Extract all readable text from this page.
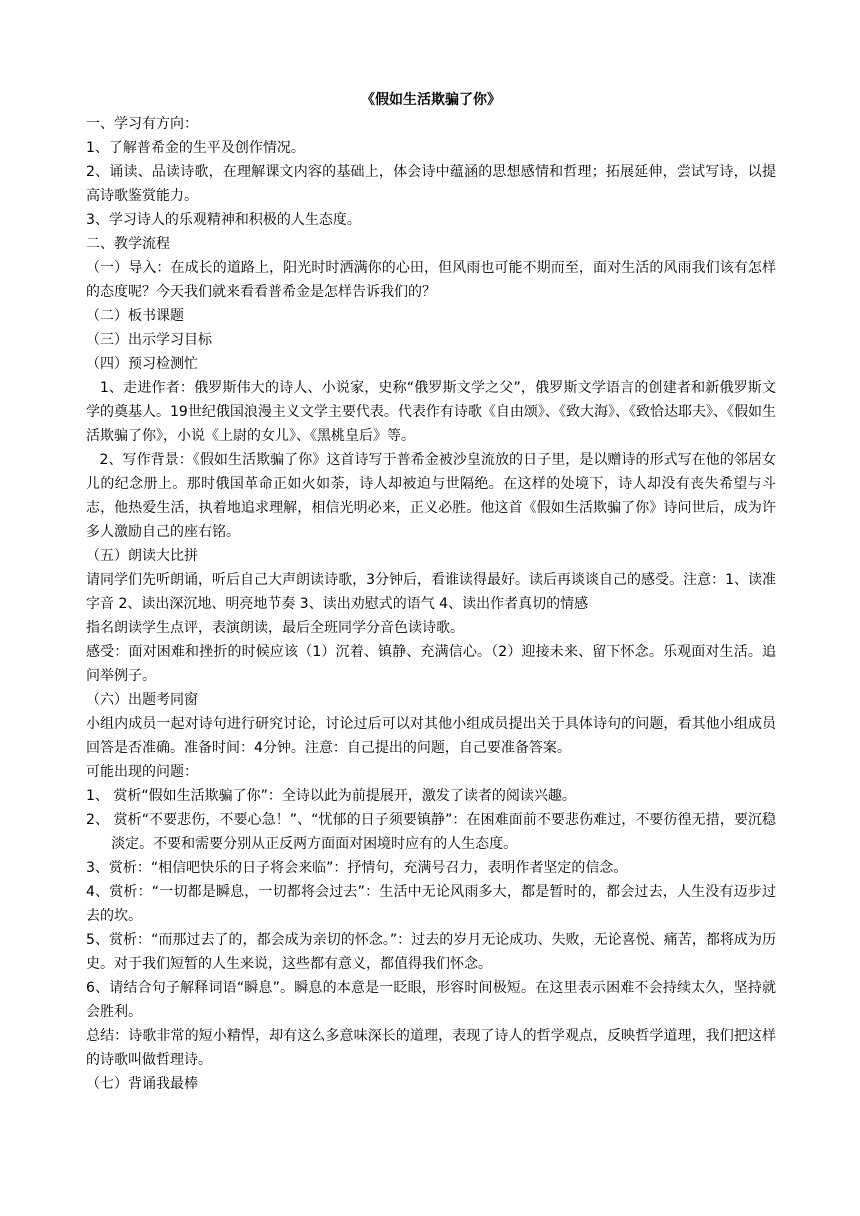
《假如生活欺骗了你》

一、学习有方向：

1、了解普希金的生平及创作情况。

2、诵读、品读诗歌，在理解课文内容的基础上，体会诗中蕴涵的思想感情和哲理；拓展延伸，尝试写诗，以提高诗歌鉴赏能力。

3、学习诗人的乐观精神和积极的人生态度。

二、教学流程

（一）导入：在成长的道路上，阳光时时洒满你的心田，但风雨也可能不期而至，面对生活的风雨我们该有怎样的态度呢？今天我们就来看看普希金是怎样告诉我们的？

（二）板书课题

（三）出示学习目标

（四）预习检测忙

1、走进作者：俄罗斯伟大的诗人、小说家，史称“俄罗斯文学之父”，俄罗斯文学语言的创建者和新俄罗斯文学的奠基人。19世纪俄国浪漫主义文学主要代表。代表作有诗歌《自由颂》、《致大海》、《致恰达耶夫》、《假如生活欺骗了你》，小说《上尉的女儿》、《黑桃皇后》等。

2、写作背景：《假如生活欺骗了你》这首诗写于普希金被沙皇流放的日子里，是以赠诗的形式写在他的邻居女儿的纪念册上。那时俄国革命正如火如荼，诗人却被迫与世隔绝。在这样的处境下，诗人却没有丧失希望与斗志，他热爱生活，执着地追求理解，相信光明必来，正义必胜。他这首《假如生活欺骗了你》诗问世后，成为许多人激励自己的座右铭。

（五）朗读大比拼

请同学们先听朗诵，听后自己大声朗读诗歌，3分钟后，看谁读得最好。读后再谈谈自己的感受。注意：1、读准字音 2、读出深沉地、明亮地节奏 3、读出劝慰式的语气 4、读出作者真切的情感

指名朗读学生点评，表演朗读，最后全班同学分音色读诗歌。

感受：面对困难和挫折的时候应该（1）沉着、镇静、充满信心。（2）迎接未来、留下怀念。乐观面对生活。追问举例子。

（六）出题考同窗

小组内成员一起对诗句进行研究讨论，讨论过后可以对其他小组成员提出关于具体诗句的问题，看其他小组成员回答是否准确。准备时间：4分钟。注意：自己提出的问题，自己要准备答案。

可能出现的问题：

1、 赏析“假如生活欺骗了你”：全诗以此为前提展开，激发了读者的阅读兴趣。

2、 赏析“不要悲伤，不要心急！”、“忧郁的日子须要镇静”：在困难面前不要悲伤难过，不要彷徨无措，要沉稳淡定。不要和需要分别从正反两方面面对困境时应有的人生态度。

3、赏析：“相信吧快乐的日子将会来临”：抒情句，充满号召力，表明作者坚定的信念。

4、赏析：“一切都是瞬息，一切都将会过去”：生活中无论风雨多大，都是暂时的，都会过去，人生没有迈步过去的坎。

5、赏析：“而那过去了的，都会成为亲切的怀念。”：过去的岁月无论成功、失败，无论喜悦、痛苦，都将成为历史。对于我们短暂的人生来说，这些都有意义，都值得我们怀念。

6、请结合句子解释词语“瞬息”。瞬息的本意是一眨眼，形容时间极短。在这里表示困难不会持续太久，坚持就会胜利。

总结：诗歌非常的短小精悍，却有这么多意味深长的道理，表现了诗人的哲学观点，反映哲学道理，我们把这样的诗歌叫做哲理诗。

（七）背诵我最棒
